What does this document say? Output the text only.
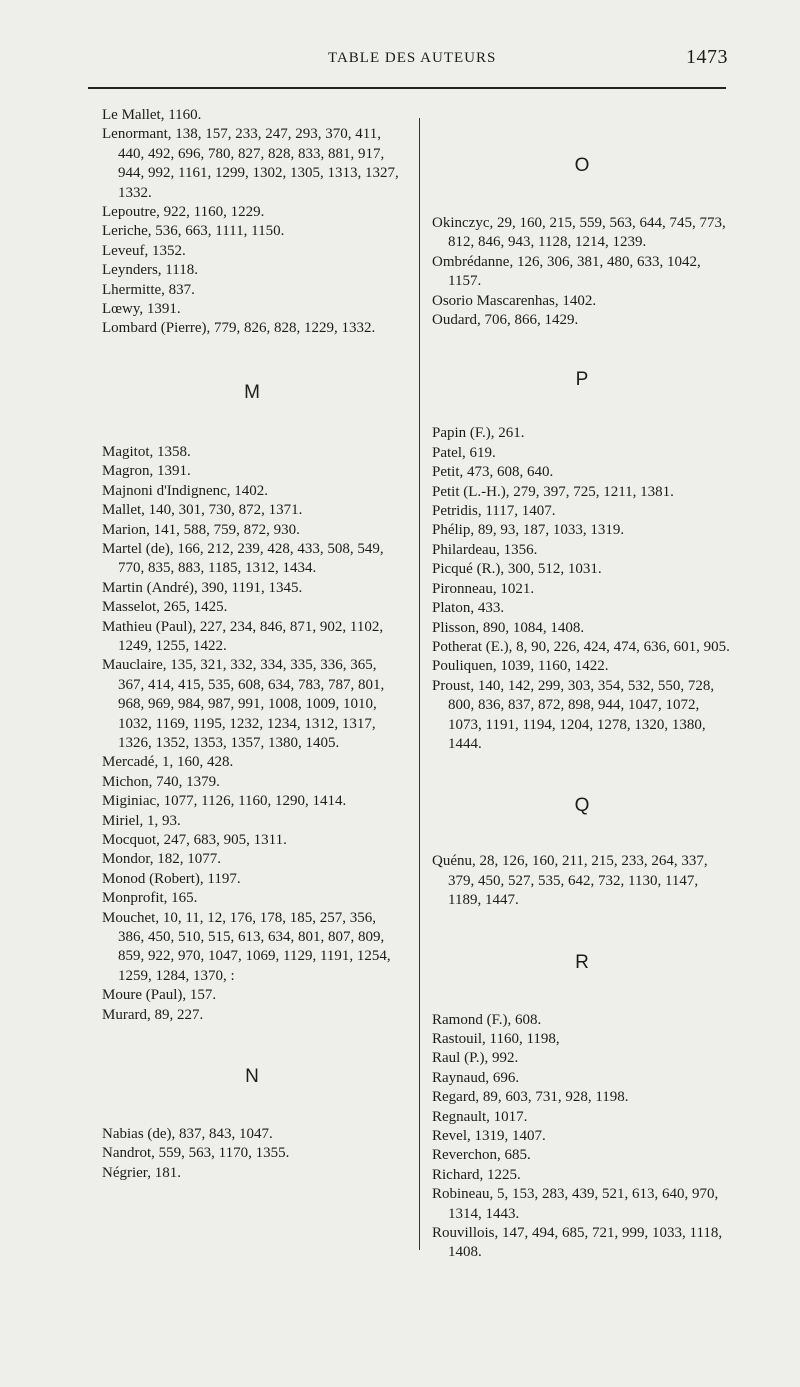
TABLE DES AUTEURS	1473

Le Mallet, 1160.

Lenormant, 138, 157, 233, 247, 293, 370, 411, 440, 492, 696, 780, 827, 828, 833, 881, 917, 944, 992, 1161, 1299, 1302, 1305, 1313, 1327, 1332.

Lepoutre, 922, 1160, 1229.

Leriche, 536, 663, 1111, 1150.

Leveuf, 1352.

Leynders, 1118.

Lhermitte, 837.

Lœwy, 1391.

Lombard (Pierre), 779, 826, 828, 1229, 1332.

M

Magitot, 1358.

Magron, 1391.

Majnoni d'Indignenc, 1402.

Mallet, 140, 301, 730, 872, 1371.

Marion, 141, 588, 759, 872, 930.

Martel (de), 166, 212, 239, 428, 433, 508, 549, 770, 835, 883, 1185, 1312, 1434.

Martin (André), 390, 1191, 1345.

Masselot, 265, 1425.

Mathieu (Paul), 227, 234, 846, 871, 902, 1102, 1249, 1255, 1422.

Mauclaire, 135, 321, 332, 334, 335, 336, 365, 367, 414, 415, 535, 608, 634, 783, 787, 801, 968, 969, 984, 987, 991, 1008, 1009, 1010, 1032, 1169, 1195, 1232, 1234, 1312, 1317, 1326, 1352, 1353, 1357, 1380, 1405.

Mercadé, 1, 160, 428.

Michon, 740, 1379.

Miginiac, 1077, 1126, 1160, 1290, 1414.

Miriel, 1, 93.

Mocquot, 247, 683, 905, 1311.

Mondor, 182, 1077.

Monod (Robert), 1197.

Monprofit, 165.

Mouchet, 10, 11, 12, 176, 178, 185, 257, 356, 386, 450, 510, 515, 613, 634, 801, 807, 809, 859, 922, 970, 1047, 1069, 1129, 1191, 1254, 1259, 1284, 1370, :

Moure (Paul), 157.

Murard, 89, 227.

N

Nabias (de), 837, 843, 1047.

Nandrot, 559, 563, 1170, 1355.

Négrier, 181.

O

Okinczyc, 29, 160, 215, 559, 563, 644, 745, 773, 812, 846, 943, 1128, 1214, 1239.

Ombrédanne, 126, 306, 381, 480, 633, 1042, 1157.

Osorio Mascarenhas, 1402.

Oudard, 706, 866, 1429.

P

Papin (F.), 261.

Patel, 619.

Petit, 473, 608, 640.

Petit (L.-H.), 279, 397, 725, 1211, 1381.

Petridis, 1117, 1407.

Phélip, 89, 93, 187, 1033, 1319.

Philardeau, 1356.

Picqué (R.), 300, 512, 1031.

Pironneau, 1021.

Platon, 433.

Plisson, 890, 1084, 1408.

Potherat (E.), 8, 90, 226, 424, 474, 636, 601, 905.

Pouliquen, 1039, 1160, 1422.

Proust, 140, 142, 299, 303, 354, 532, 550, 728, 800, 836, 837, 872, 898, 944, 1047, 1072, 1073, 1191, 1194, 1204, 1278, 1320, 1380, 1444.

Q

Quénu, 28, 126, 160, 211, 215, 233, 264, 337, 379, 450, 527, 535, 642, 732, 1130, 1147, 1189, 1447.

R

Ramond (F.), 608.

Rastouil, 1160, 1198,

Raul (P.), 992.

Raynaud, 696.

Regard, 89, 603, 731, 928, 1198.

Regnault, 1017.

Revel, 1319, 1407.

Reverchon, 685.

Richard, 1225.

Robineau, 5, 153, 283, 439, 521, 613, 640, 970, 1314, 1443.

Rouvillois, 147, 494, 685, 721, 999, 1033, 1118, 1408.
